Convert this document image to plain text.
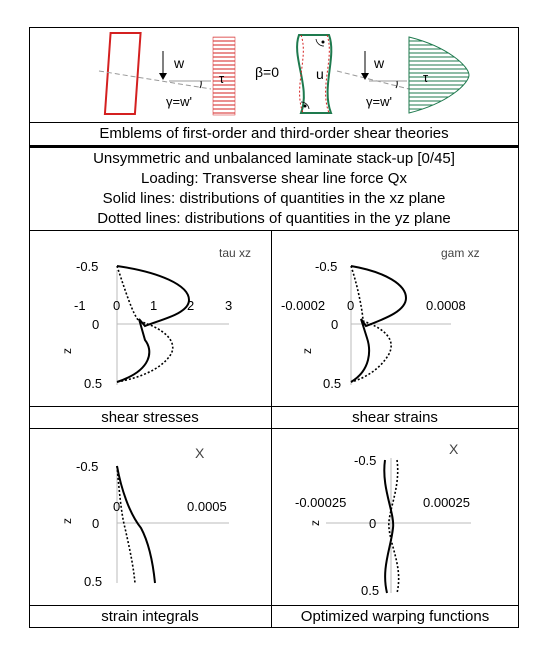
w
γ=w'
τ β=0	u
w
γ=w'
τ
Emblems of first-order and third-order shear theories
Unsymmetric and unbalanced laminate stack-up [0/45]
Loading: Transverse shear line force Qx
Solid lines: distributions of quantities in the xz plane
Dotted lines: distributions of quantities in the yz plane
tau xz
-1 0 1 2 3
-0.5
0
0.5
z
shear stresses
gam xz
-0.0002 0	0.0008
-0.5
0
0.5
z
shear strains
X
0	0.0005
-0.5
0
0.5
z
strain integrals
X
-0.00025	0.00025
-0.5
0
0.5
z
Optimized warping functions
